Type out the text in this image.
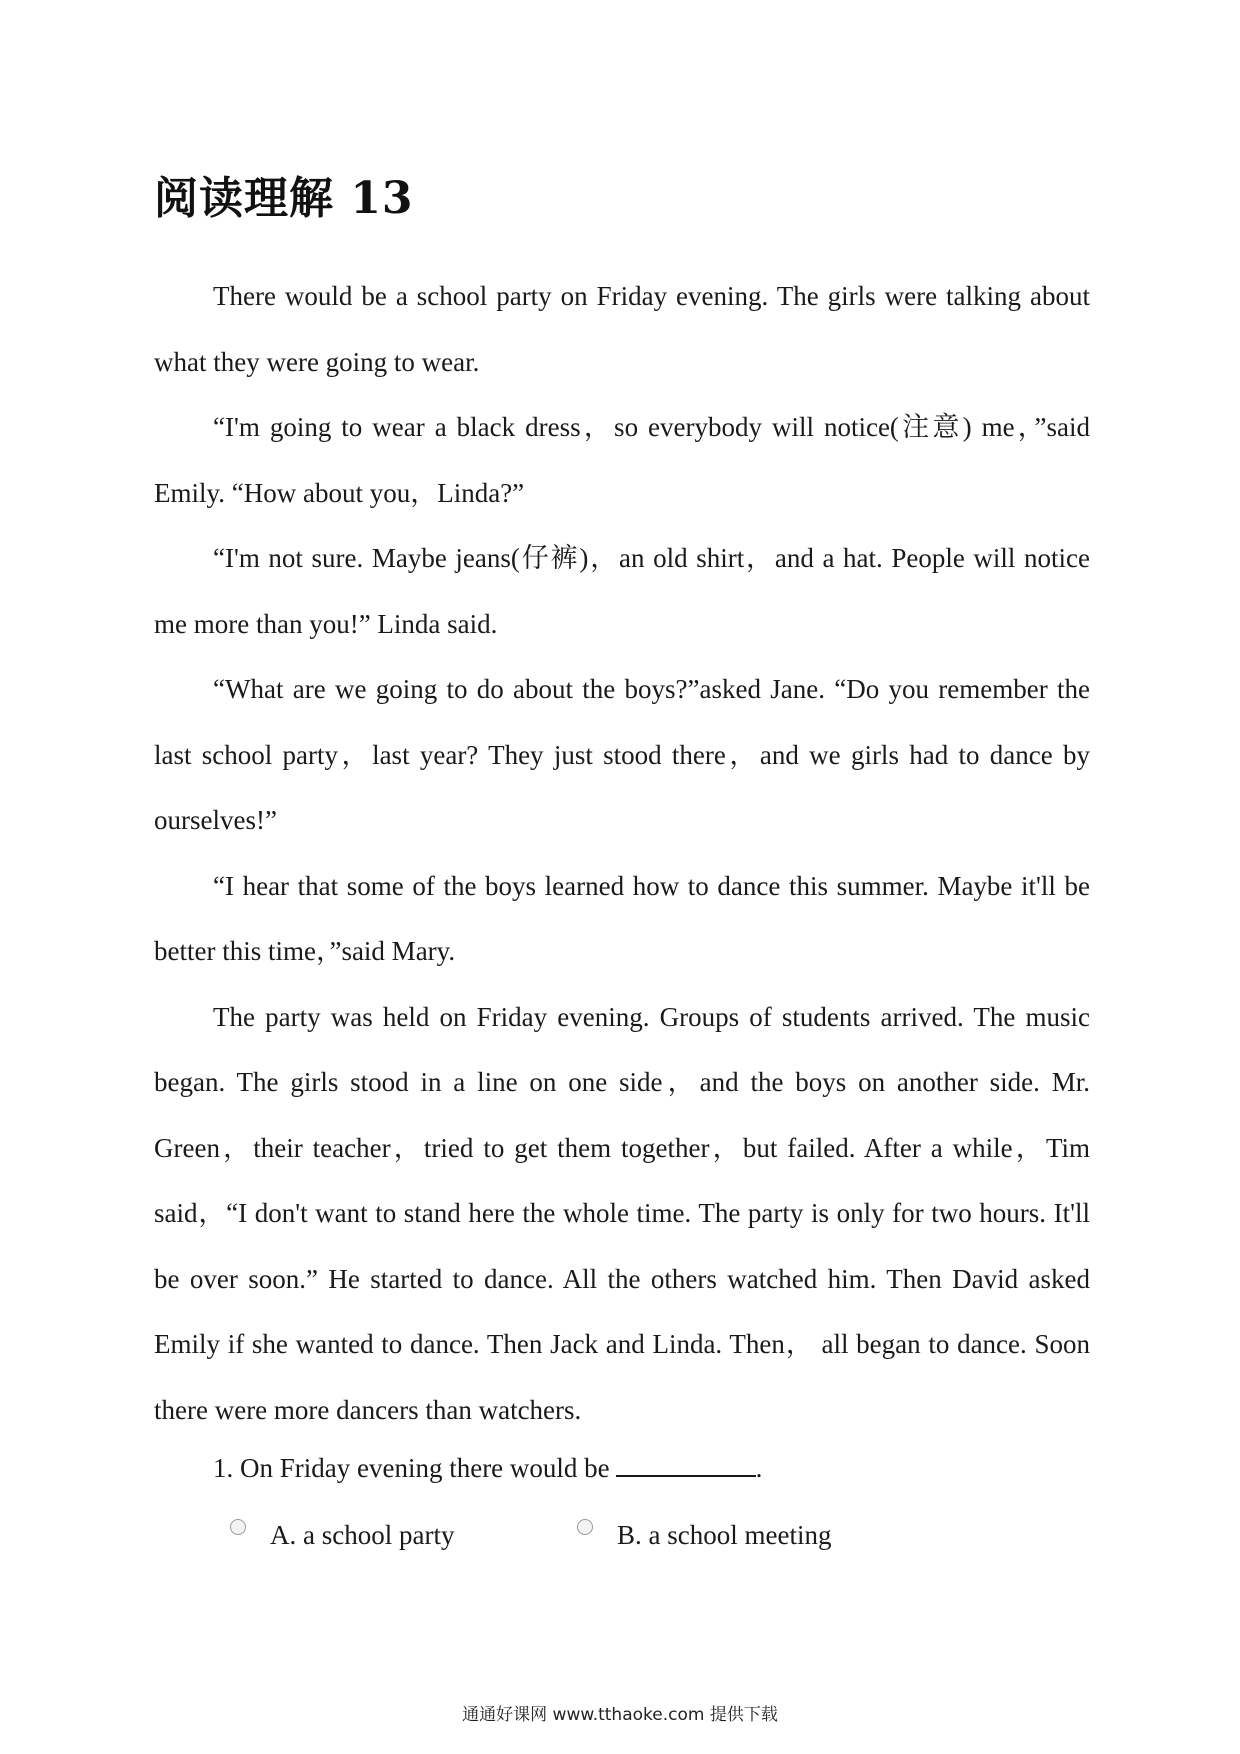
阅读理解 13

There would be a school party on Friday evening. The girls were talking about what they were going to wear.

“I'm going to wear a black dress，so everybody will notice(注意) me，”said Emily. “How about you，Linda?”

“I'm not sure. Maybe jeans(仔裤)，an old shirt，and a hat. People will notice me more than you!” Linda said.

“What are we going to do about the boys?”asked Jane. “Do you remember the last school party，last year? They just stood there，and we girls had to dance by ourselves!”

“I hear that some of the boys learned how to dance this summer. Maybe it'll be better this time，”said Mary.

The party was held on Friday evening. Groups of students arrived. The music began. The girls stood in a line on one side，and the boys on another side. Mr. Green，their teacher，tried to get them together，but failed. After a while，Tim said，“I don't want to stand here the whole time. The party is only for two hours. It'll be over soon.” He started to dance. All the others watched him. Then David asked Emily if she wanted to dance. Then Jack and Linda. Then， all began to dance. Soon there were more dancers than watchers.

1. On Friday evening there would be	.
A. a school party	B. a school meeting
通通好课网 www.tthaoke.com 提供下载
